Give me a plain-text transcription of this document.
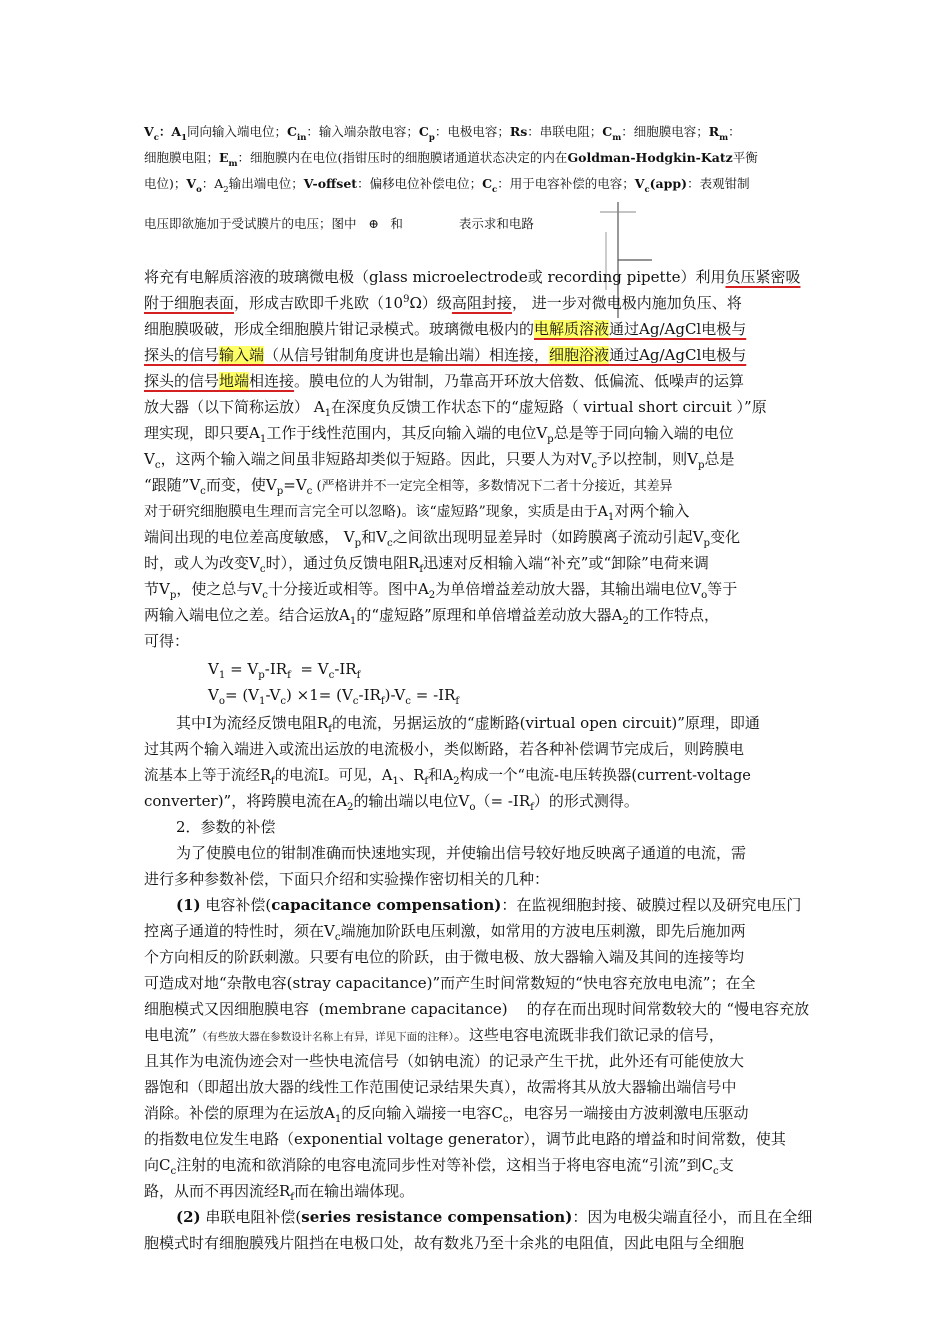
$V_c$：$A_1$同向输入端电位；$C_{in}$：输入端杂散电容；$C_p$：电极电容；Rs：串联电阻；$C_m$：细胞膜电容；$R_m$：
细胞膜电阻；$E_m$：细胞膜内在电位(指钳压时的细胞膜诸通道状态决定的内在Goldman-Hodgkin-Katz平衡
电位)；$V_o$：$A_2$输出端电位；V-offset：偏移电位补偿电位；$C_c$：用于电容补偿的电容；$V_c(app)$：表观钳制
电压即欲施加于受试膜片的电压；图中 ⊕ 和	表示求和电路
将充有电解质溶液的玻璃微电极（glass microelectrode或 recording pipette）利用负压紧密吸
附于细胞表面，形成吉欧即千兆欧$(10^9\Omega)$级高阻封接， 进一步对微电极内施加负压、将
细胞膜吸破，形成全细胞膜片钳记录模式。玻璃微电极内的电解质溶液通过Ag/AgCl电极与
探头的信号输入端（从信号钳制角度讲也是输出端）相连接，细胞浴液通过Ag/AgCl电极与
探头的信号地端相连接。膜电位的人为钳制，乃靠高开环放大倍数、低偏流、低噪声的运算
放大器（以下简称运放） $A_1$在深度负反馈工作状态下的“虚短路（ virtual short circuit ）”原
理实现，即只要$A_1$工作于线性范围内，其反向输入端的电位$V_p$总是等于同向输入端的电位
$V_c$，这两个输入端之间虽非短路却类似于短路。因此，只要人为对$V_c$予以控制，则$V_p$总是
“跟随$”V_c$而变，使$V_p=V_c$ (严格讲并不一定完全相等，多数情况下二者十分接近，其差异
对于研究细胞膜电生理而言完全可以忽略)。该“虚短路”现象，实质是由于$A_1$对两个输入
端间出现的电位差高度敏感， $V_p$和$V_c$之间欲出现明显差异时（如跨膜离子流动引起$V_p$变化
时，或人为改变$V_c$时），通过负反馈电阻$R_f$迅速对反相输入端“补充”或“卸除”电荷来调
节$V_p$，使之总与$V_c$十分接近或相等。图中$A_2$为单倍增益差动放大器，其输出端电位$V_o$等于
两输入端电位之差。结合运放$A_1$的“虚短路”原理和单倍增益差动放大器$A_2$的工作特点，
可得：
$V_1 = V_p-IR_f = V_c-IR_f$
$V_o= (V_1-V_c) \times 1= (V_c-IR_f)-V_c = -IR_f$
其中I为流经反馈电阻$R_f$的电流，另据运放的“虚断路(virtual open circuit)”原理，即通
过其两个输入端进入或流出运放的电流极小，类似断路，若各种补偿调节完成后，则跨膜电
流基本上等于流经$R_f$的电流I。可见，$A_1$、$R_f$和$A_2$构成一个“电流-电压转换器(current-voltage
converter)”，将跨膜电流在$A_2$的输出端以电位$V_o(= -IR_f)$的形式测得。
2．参数的补偿
为了使膜电位的钳制准确而快速地实现，并使输出信号较好地反映离子通道的电流，需
进行多种参数补偿，下面只介绍和实验操作密切相关的几种：
(1) 电容补偿(capacitance compensation)：在监视细胞封接、破膜过程以及研究电压门
控离子通道的特性时，须在$V_c$端施加阶跃电压刺激，如常用的方波电压刺激，即先后施加两
个方向相反的阶跃刺激。只要有电位的阶跃，由于微电极、放大器输入端及其间的连接等均
可造成对地“杂散电容(stray capacitance)”而产生时间常数短的“快电容充放电电流”；在全
细胞模式又因细胞膜电容  (membrane capacitance)    的存在而出现时间常数较大的 “慢电容充放
电电流”（有些放大器在参数设计名称上有异，详见下面的注释）。这些电容电流既非我们欲记录的信号，
且其作为电流伪迹会对一些快电流信号（如钠电流）的记录产生干扰，此外还有可能使放大
器饱和（即超出放大器的线性工作范围使记录结果失真），故需将其从放大器输出端信号中
消除。补偿的原理为在运放$A_1$的反向输入端接一电容$C_c$，电容另一端接由方波刺激电压驱动
的指数电位发生电路（exponential voltage generator），调节此电路的增益和时间常数，使其
向$C_c$注射的电流和欲消除的电容电流同步性对等补偿，这相当于将电容电流“引流”到$C_c$支
路，从而不再因流经$R_f$而在输出端体现。
(2) 串联电阻补偿(series resistance compensation)：因为电极尖端直径小，而且在全细
胞模式时有细胞膜残片阻挡在电极口处，故有数兆乃至十余兆的电阻值，因此电阻与全细胞
